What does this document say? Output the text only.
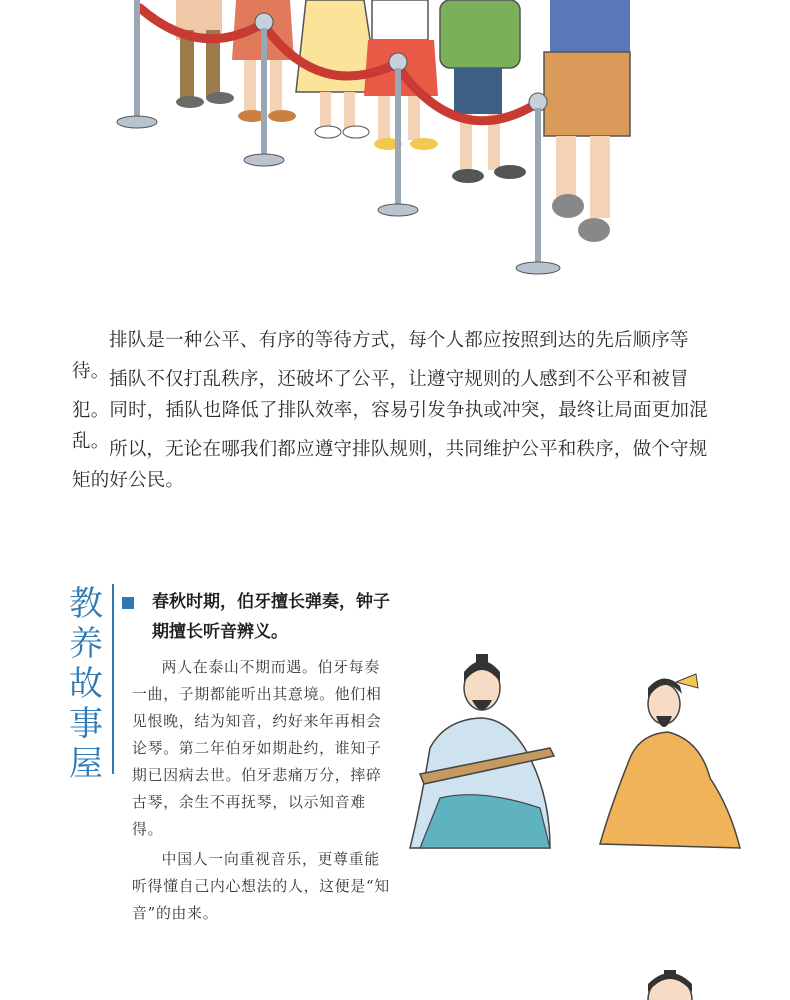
排队是一种公平、有序的等待方式，每个人都应按照到达的先后顺序等待。 插队不仅打乱秩序，还破坏了公平，让遵守规则的人感到不公平和被冒犯。同时，插队也降低了排队效率，容易引发争执或冲突，最终让局面更加混乱。 所以，无论在哪我们都应遵守排队规则，共同维护公平和秩序，做个守规矩的好公民。

教
养
故
事
屋
春秋时期，伯牙擅长弹奏，钟子期擅长听音辨义。

两人在泰山不期而遇。伯牙每奏一曲，子期都能听出其意境。他们相见恨晚，结为知音，约好来年再相会论琴。第二年伯牙如期赴约，谁知子期已因病去世。伯牙悲痛万分，摔碎古琴，余生不再抚琴，以示知音难得。

中国人一向重视音乐，更尊重能听得懂自己内心想法的人，这便是“知音”的由来。
